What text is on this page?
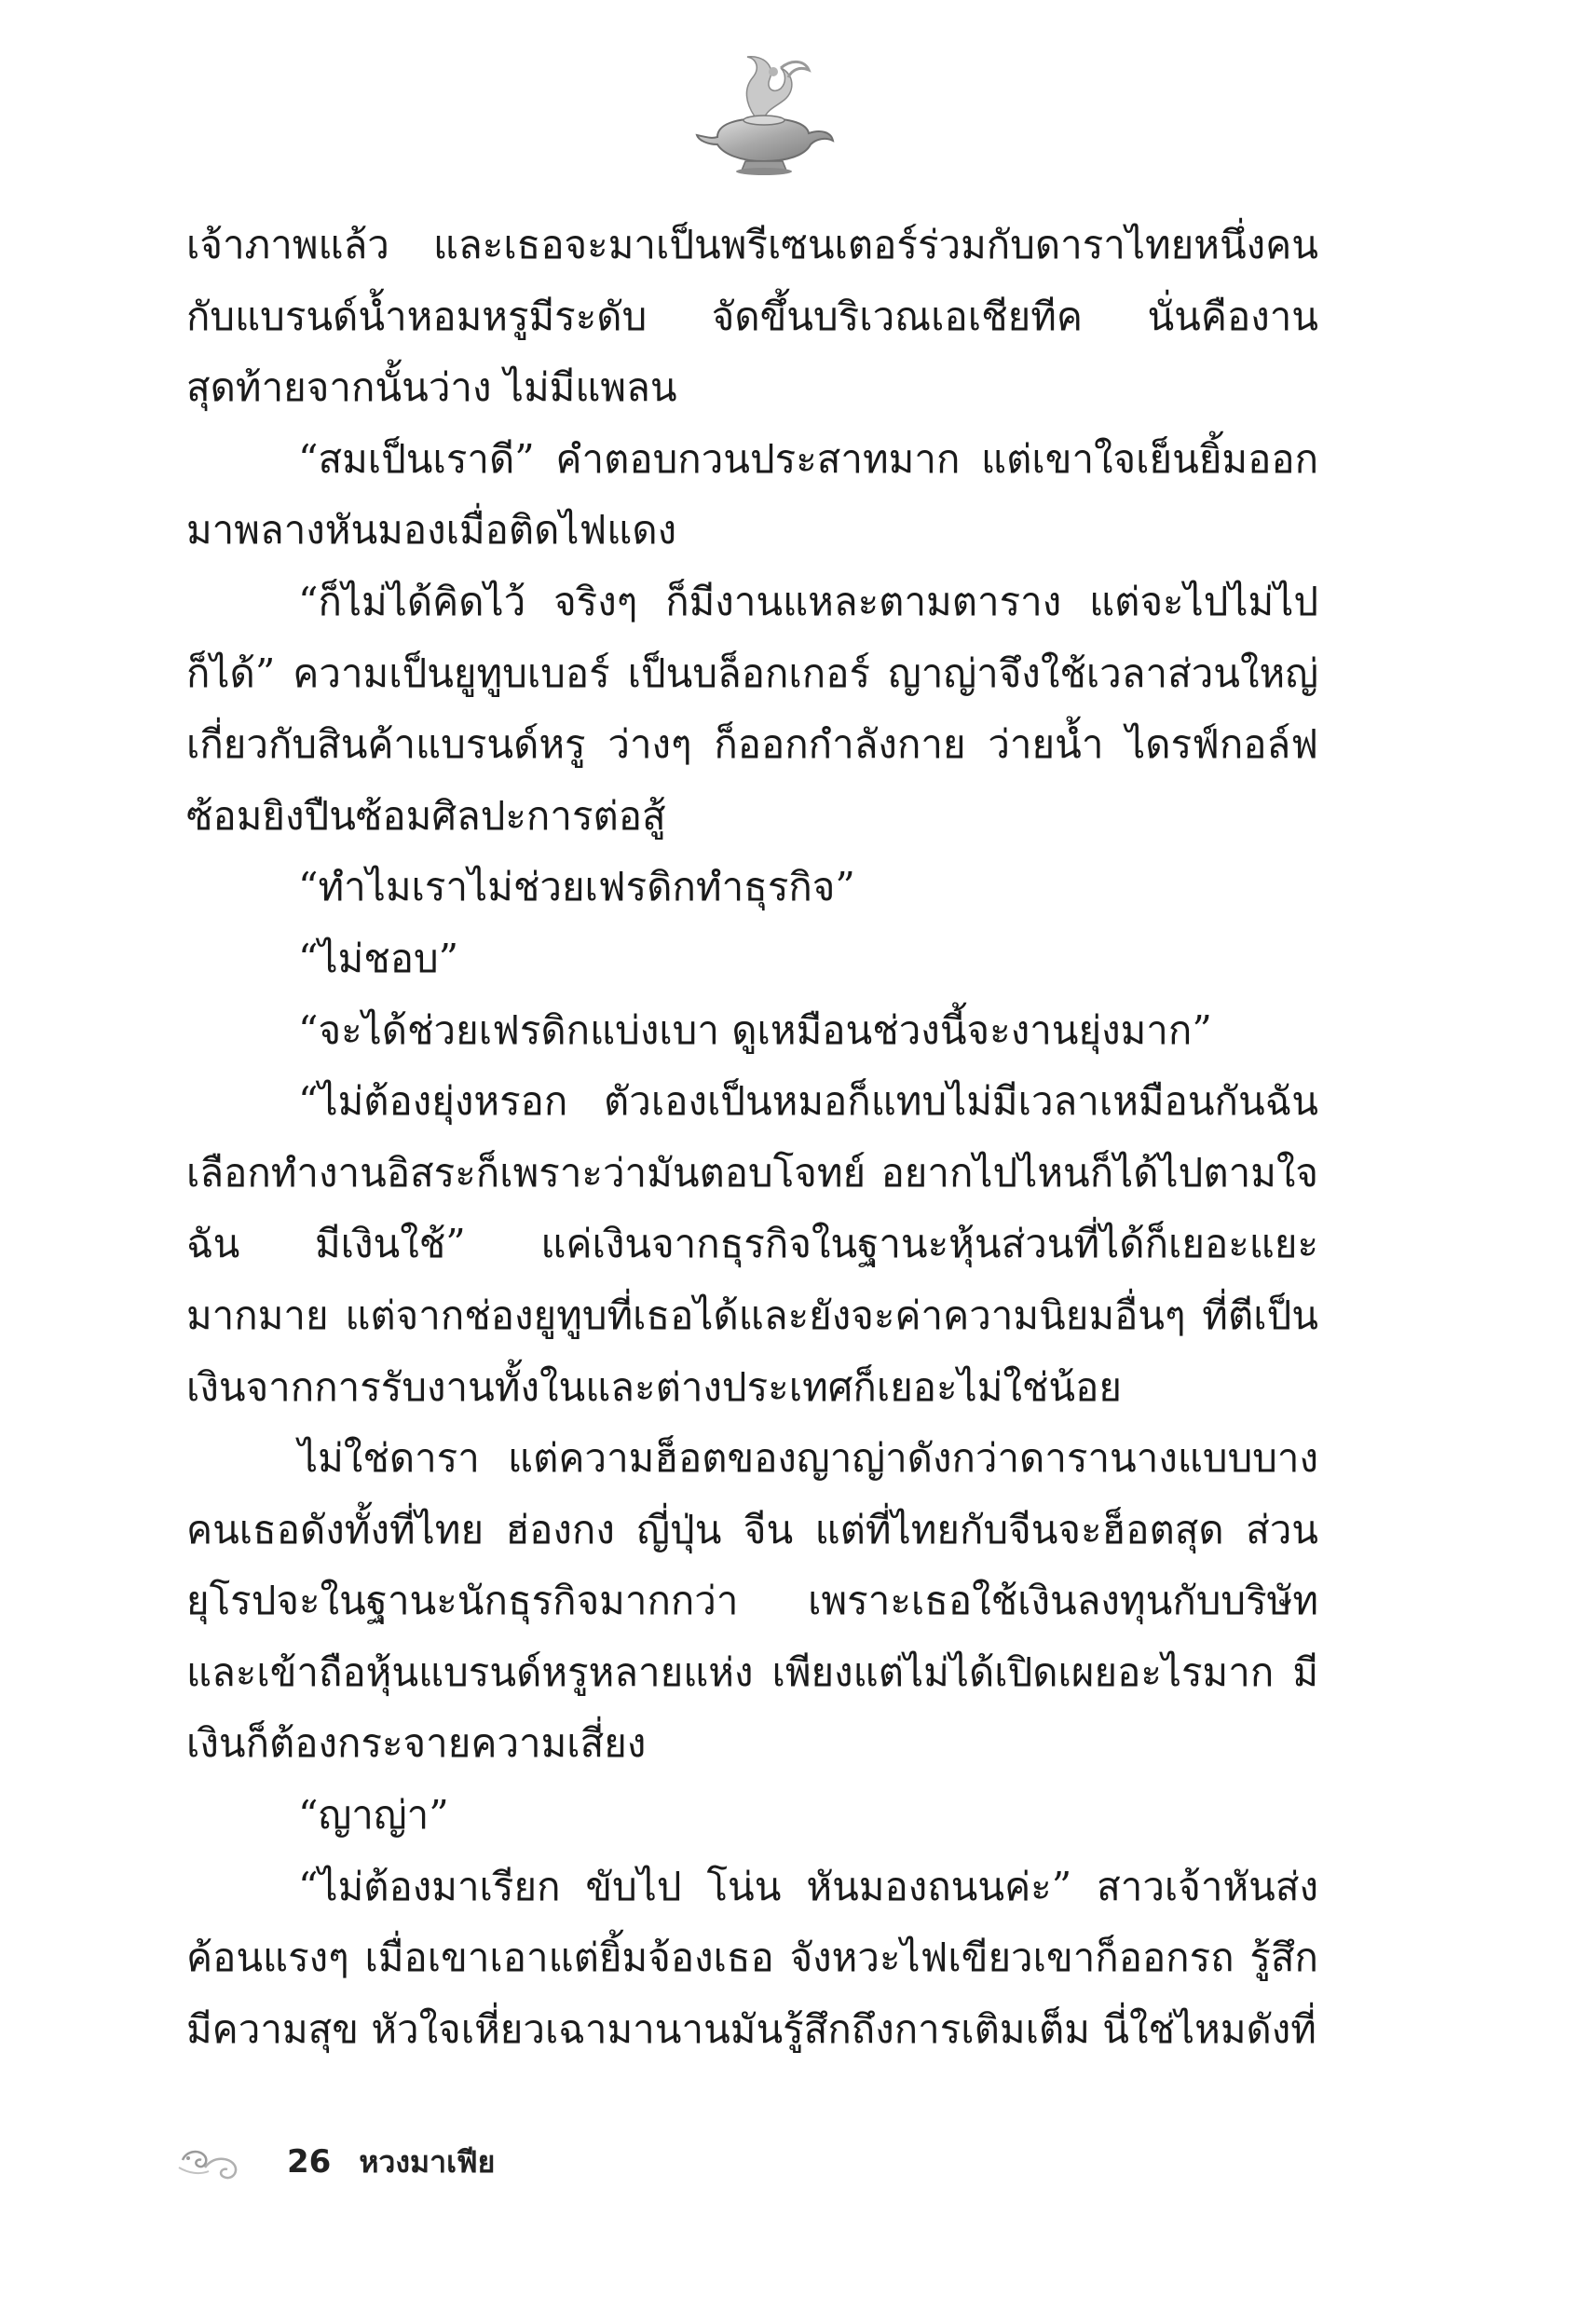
เจ้าภาพแล้ว และเธอจะมาเป็นพรีเซนเตอร์ร่วมกับดาราไทยหนึ่งคนกับแบรนด์น้ำหอมหรูมีระดับ จัดขึ้นบริเวณเอเชียทีค นั่นคืองานสุดท้ายจากนั้นว่าง ไม่มีแพลน

“สมเป็นเราดี” คำตอบกวนประสาทมาก แต่เขาใจเย็นยิ้มออกมาพลางหันมองเมื่อติดไฟแดง

“ก็ไม่ได้คิดไว้ จริงๆ ก็มีงานแหละตามตาราง แต่จะไปไม่ไปก็ได้” ความเป็นยูทูบเบอร์ เป็นบล็อกเกอร์ ญาญ่าจึงใช้เวลาส่วนใหญ่เกี่ยวกับสินค้าแบรนด์หรู ว่างๆ ก็ออกกำลังกาย ว่ายน้ำ ไดรฟ์กอล์ฟ ซ้อมยิงปืนซ้อมศิลปะการต่อสู้

“ทำไมเราไม่ช่วยเฟรดิกทำธุรกิจ”

“ไม่ชอบ”

“จะได้ช่วยเฟรดิกแบ่งเบา ดูเหมือนช่วงนี้จะงานยุ่งมาก”

“ไม่ต้องยุ่งหรอก ตัวเองเป็นหมอก็แทบไม่มีเวลาเหมือนกันฉันเลือกทำงานอิสระก็เพราะว่ามันตอบโจทย์ อยากไปไหนก็ได้ไปตามใจฉัน มีเงินใช้” แค่เงินจากธุรกิจในฐานะหุ้นส่วนที่ได้ก็เยอะแยะมากมาย แต่จากช่องยูทูบที่เธอได้และยังจะค่าความนิยมอื่นๆ ที่ตีเป็นเงินจากการรับงานทั้งในและต่างประเทศก็เยอะไม่ใช่น้อย

ไม่ใช่ดารา แต่ความฮ็อตของญาญ่าดังกว่าดารานางแบบบางคนเธอดังทั้งที่ไทย ฮ่องกง ญี่ปุ่น จีน แต่ที่ไทยกับจีนจะฮ็อตสุด ส่วนยุโรปจะในฐานะนักธุรกิจมากกว่า เพราะเธอใช้เงินลงทุนกับบริษัทและเข้าถือหุ้นแบรนด์หรูหลายแห่ง เพียงแต่ไม่ได้เปิดเผยอะไรมาก มีเงินก็ต้องกระจายความเสี่ยง

“ญาญ่า”

“ไม่ต้องมาเรียก ขับไป โน่น หันมองถนนค่ะ” สาวเจ้าหันส่งค้อนแรงๆ เมื่อเขาเอาแต่ยิ้มจ้องเธอ จังหวะไฟเขียวเขาก็ออกรถ รู้สึกมีความสุข หัวใจเหี่ยวเฉามานานมันรู้สึกถึงการเติมเต็ม นี่ใช่ไหมดังที่

26 หวงมาเฟีย
